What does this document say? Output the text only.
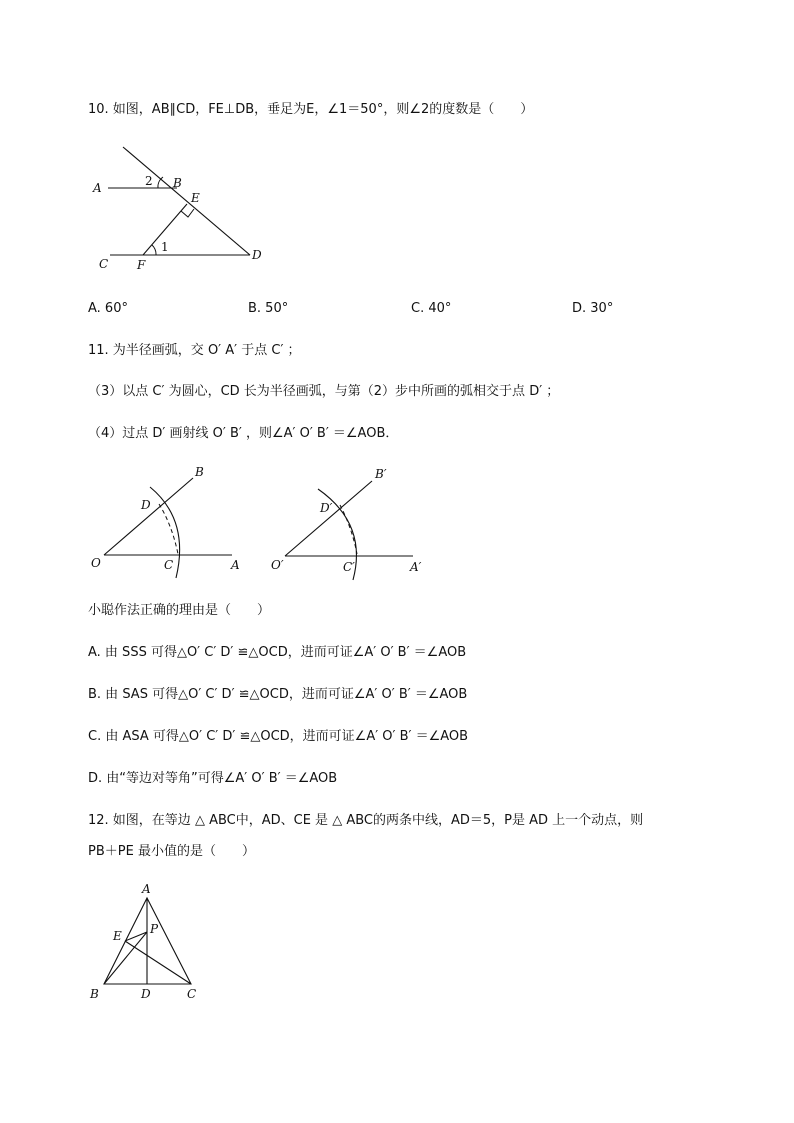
10. 如图，AB∥CD，FE⊥DB，垂足为E，∠1＝50°，则∠2的度数是（　　）
A	B
2
E
1
D
C F
A. 60°	B. 50°	C. 40°	D. 30°
11. 为半径画弧，交 O′ A′ 于点 C′ ；
（3）以点 C′ 为圆心，CD 长为半径画弧，与第（2）步中所画的弧相交于点 D′ ；
（4）过点 D′ 画射线 O′ B′ ，则∠A′ O′ B′ ＝∠AOB．
B
D
O	C	A
B′
D′
O′	C′	A′
小聪作法正确的理由是（　　）
A. 由 SSS 可得△O′ C′ D′ ≌△OCD，进而可证∠A′ O′ B′ ＝∠AOB
B. 由 SAS 可得△O′ C′ D′ ≌△OCD，进而可证∠A′ O′ B′ ＝∠AOB
C. 由 ASA 可得△O′ C′ D′ ≌△OCD，进而可证∠A′ O′ B′ ＝∠AOB
D. 由“等边对等角”可得∠A′ O′ B′ ＝∠AOB
12. 如图，在等边 △ ABC中，AD、CE 是 △ ABC的两条中线，AD＝5，P是 AD 上一个动点，则
PB＋PE 最小值的是（　　）
A
E P
B	D	C
